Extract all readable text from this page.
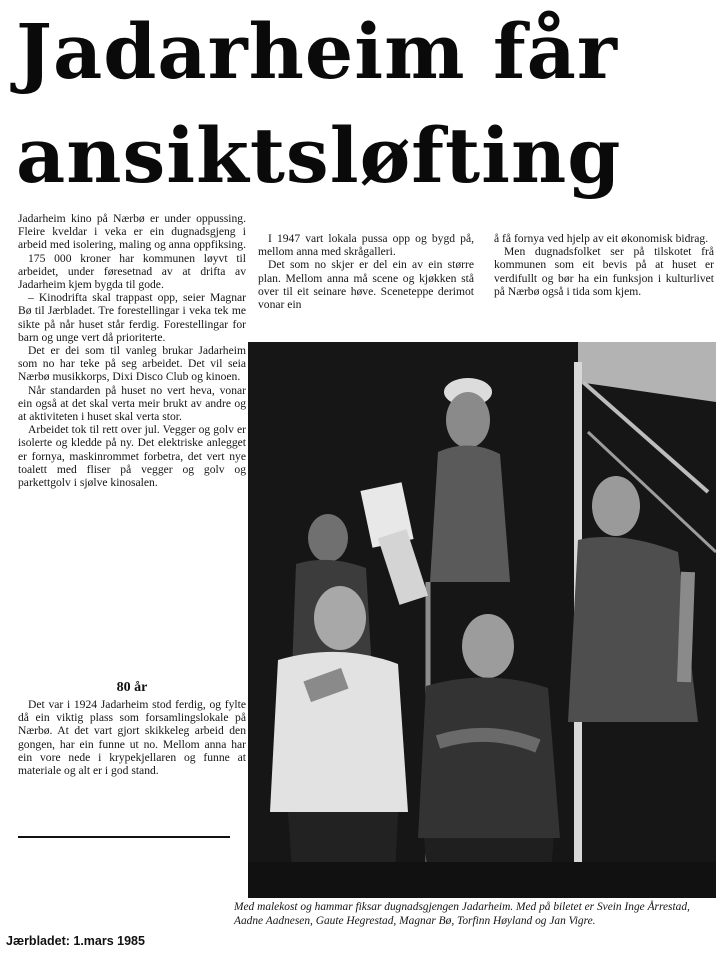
Jadarheim får
ansiktsløfting

Jadarheim kino på Nærbø er under oppussing. Fleire kveldar i veka er ein dugnadsgjeng i arbeid med isolering, maling og anna oppfiksing.

175 000 kroner har kommunen løyvt til arbeidet, under føresetnad av at drifta av Jadarheim kjem bygda til gode.

– Kinodrifta skal trappast opp, seier Magnar Bø til Jærbladet. Tre forestellingar i veka tek me sikte på når huset står ferdig. Forestellingar for barn og unge vert då prioriterte.

Det er dei som til vanleg brukar Jadarheim som no har teke på seg arbeidet. Det vil seia Nærbø musikkorps, Dixi Disco Club og kinoen.

Når standarden på huset no vert heva, vonar ein også at det skal verta meir brukt av andre og at aktiviteten i huset skal verta stor.

Arbeidet tok til rett over jul. Vegger og golv er isolerte og kledde på ny. Det elektriske anlegget er fornya, maskinrommet forbetra, det vert nye toalett med fliser på vegger og golv og parkettgolv i sjølve kinosalen.

80 år

Det var i 1924 Jadarheim stod ferdig, og fylte då ein viktig plass som forsamlingslokale på Nærbø. At det vart gjort skikkeleg arbeid den gongen, har ein funne ut no. Mellom anna har ein vore nede i krypekjellaren og funne at materiale og alt er i god stand.

I 1947 vart lokala pussa opp og bygd på, mellom anna med skrågalleri.

Det som no skjer er del ein av ein større plan. Mellom anna må scene og kjøkken stå over til eit seinare høve. Sceneteppe derimot vonar ein

å få fornya ved hjelp av eit økonomisk bidrag.

Men dugnadsfolket ser på tilskotet frå kommunen som eit bevis på at huset er verdifullt og bør ha ein funksjon i kulturlivet på Nærbø også i tida som kjem.

Med malekost og hammar fiksar dugnadsgjengen Jadarheim. Med på biletet er Svein Inge Årrestad, Aadne Aadnesen, Gaute Hegrestad, Magnar Bø, Torfinn Høyland og Jan Vigre.
Jærbladet: 1.mars 1985
